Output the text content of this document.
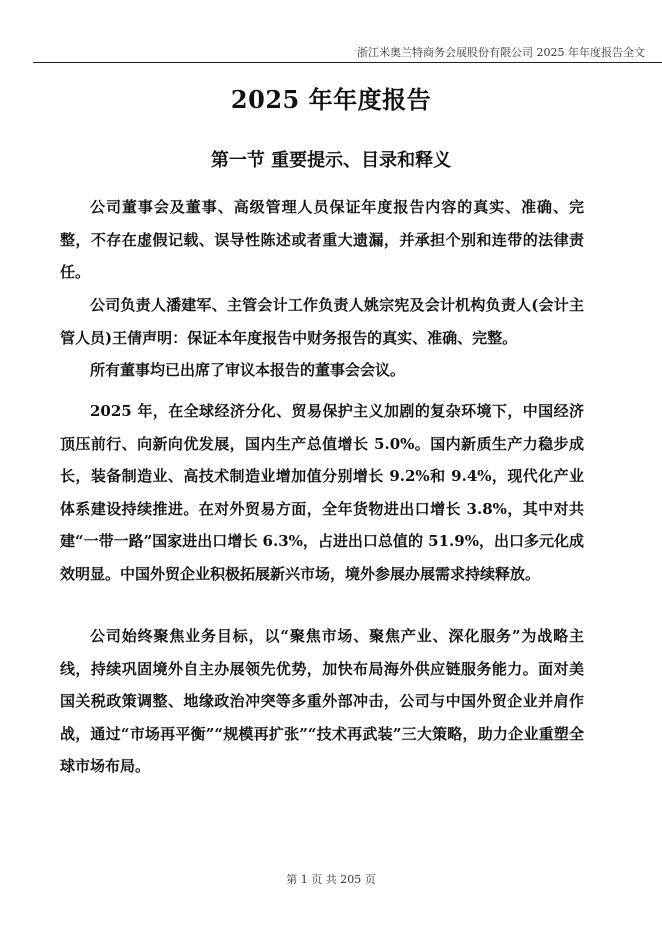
浙江米奥兰特商务会展股份有限公司 2025 年年度报告全文
2025 年年度报告
第一节 重要提示、目录和释义

公司董事会及董事、高级管理人员保证年度报告内容的真实、准确、完整，不存在虚假记载、误导性陈述或者重大遗漏，并承担个别和连带的法律责任。

公司负责人潘建军、主管会计工作负责人姚宗宪及会计机构负责人(会计主管人员)王倩声明：保证本年度报告中财务报告的真实、准确、完整。

所有董事均已出席了审议本报告的董事会会议。

2025 年，在全球经济分化、贸易保护主义加剧的复杂环境下，中国经济顶压前行、向新向优发展，国内生产总值增长 5.0%。国内新质生产力稳步成长，装备制造业、高技术制造业增加值分别增长 9.2%和 9.4%，现代化产业体系建设持续推进。在对外贸易方面，全年货物进出口增长 3.8%，其中对共建“一带一路”国家进出口增长 6.3%，占进出口总值的 51.9%，出口多元化成效明显。中国外贸企业积极拓展新兴市场，境外参展办展需求持续释放。

公司始终聚焦业务目标，以“聚焦市场、聚焦产业、深化服务”为战略主线，持续巩固境外自主办展领先优势，加快布局海外供应链服务能力。面对美国关税政策调整、地缘政治冲突等多重外部冲击，公司与中国外贸企业并肩作战，通过“市场再平衡”“规模再扩张”“技术再武装”三大策略，助力企业重塑全球市场布局。

第 1 页 共 205 页
